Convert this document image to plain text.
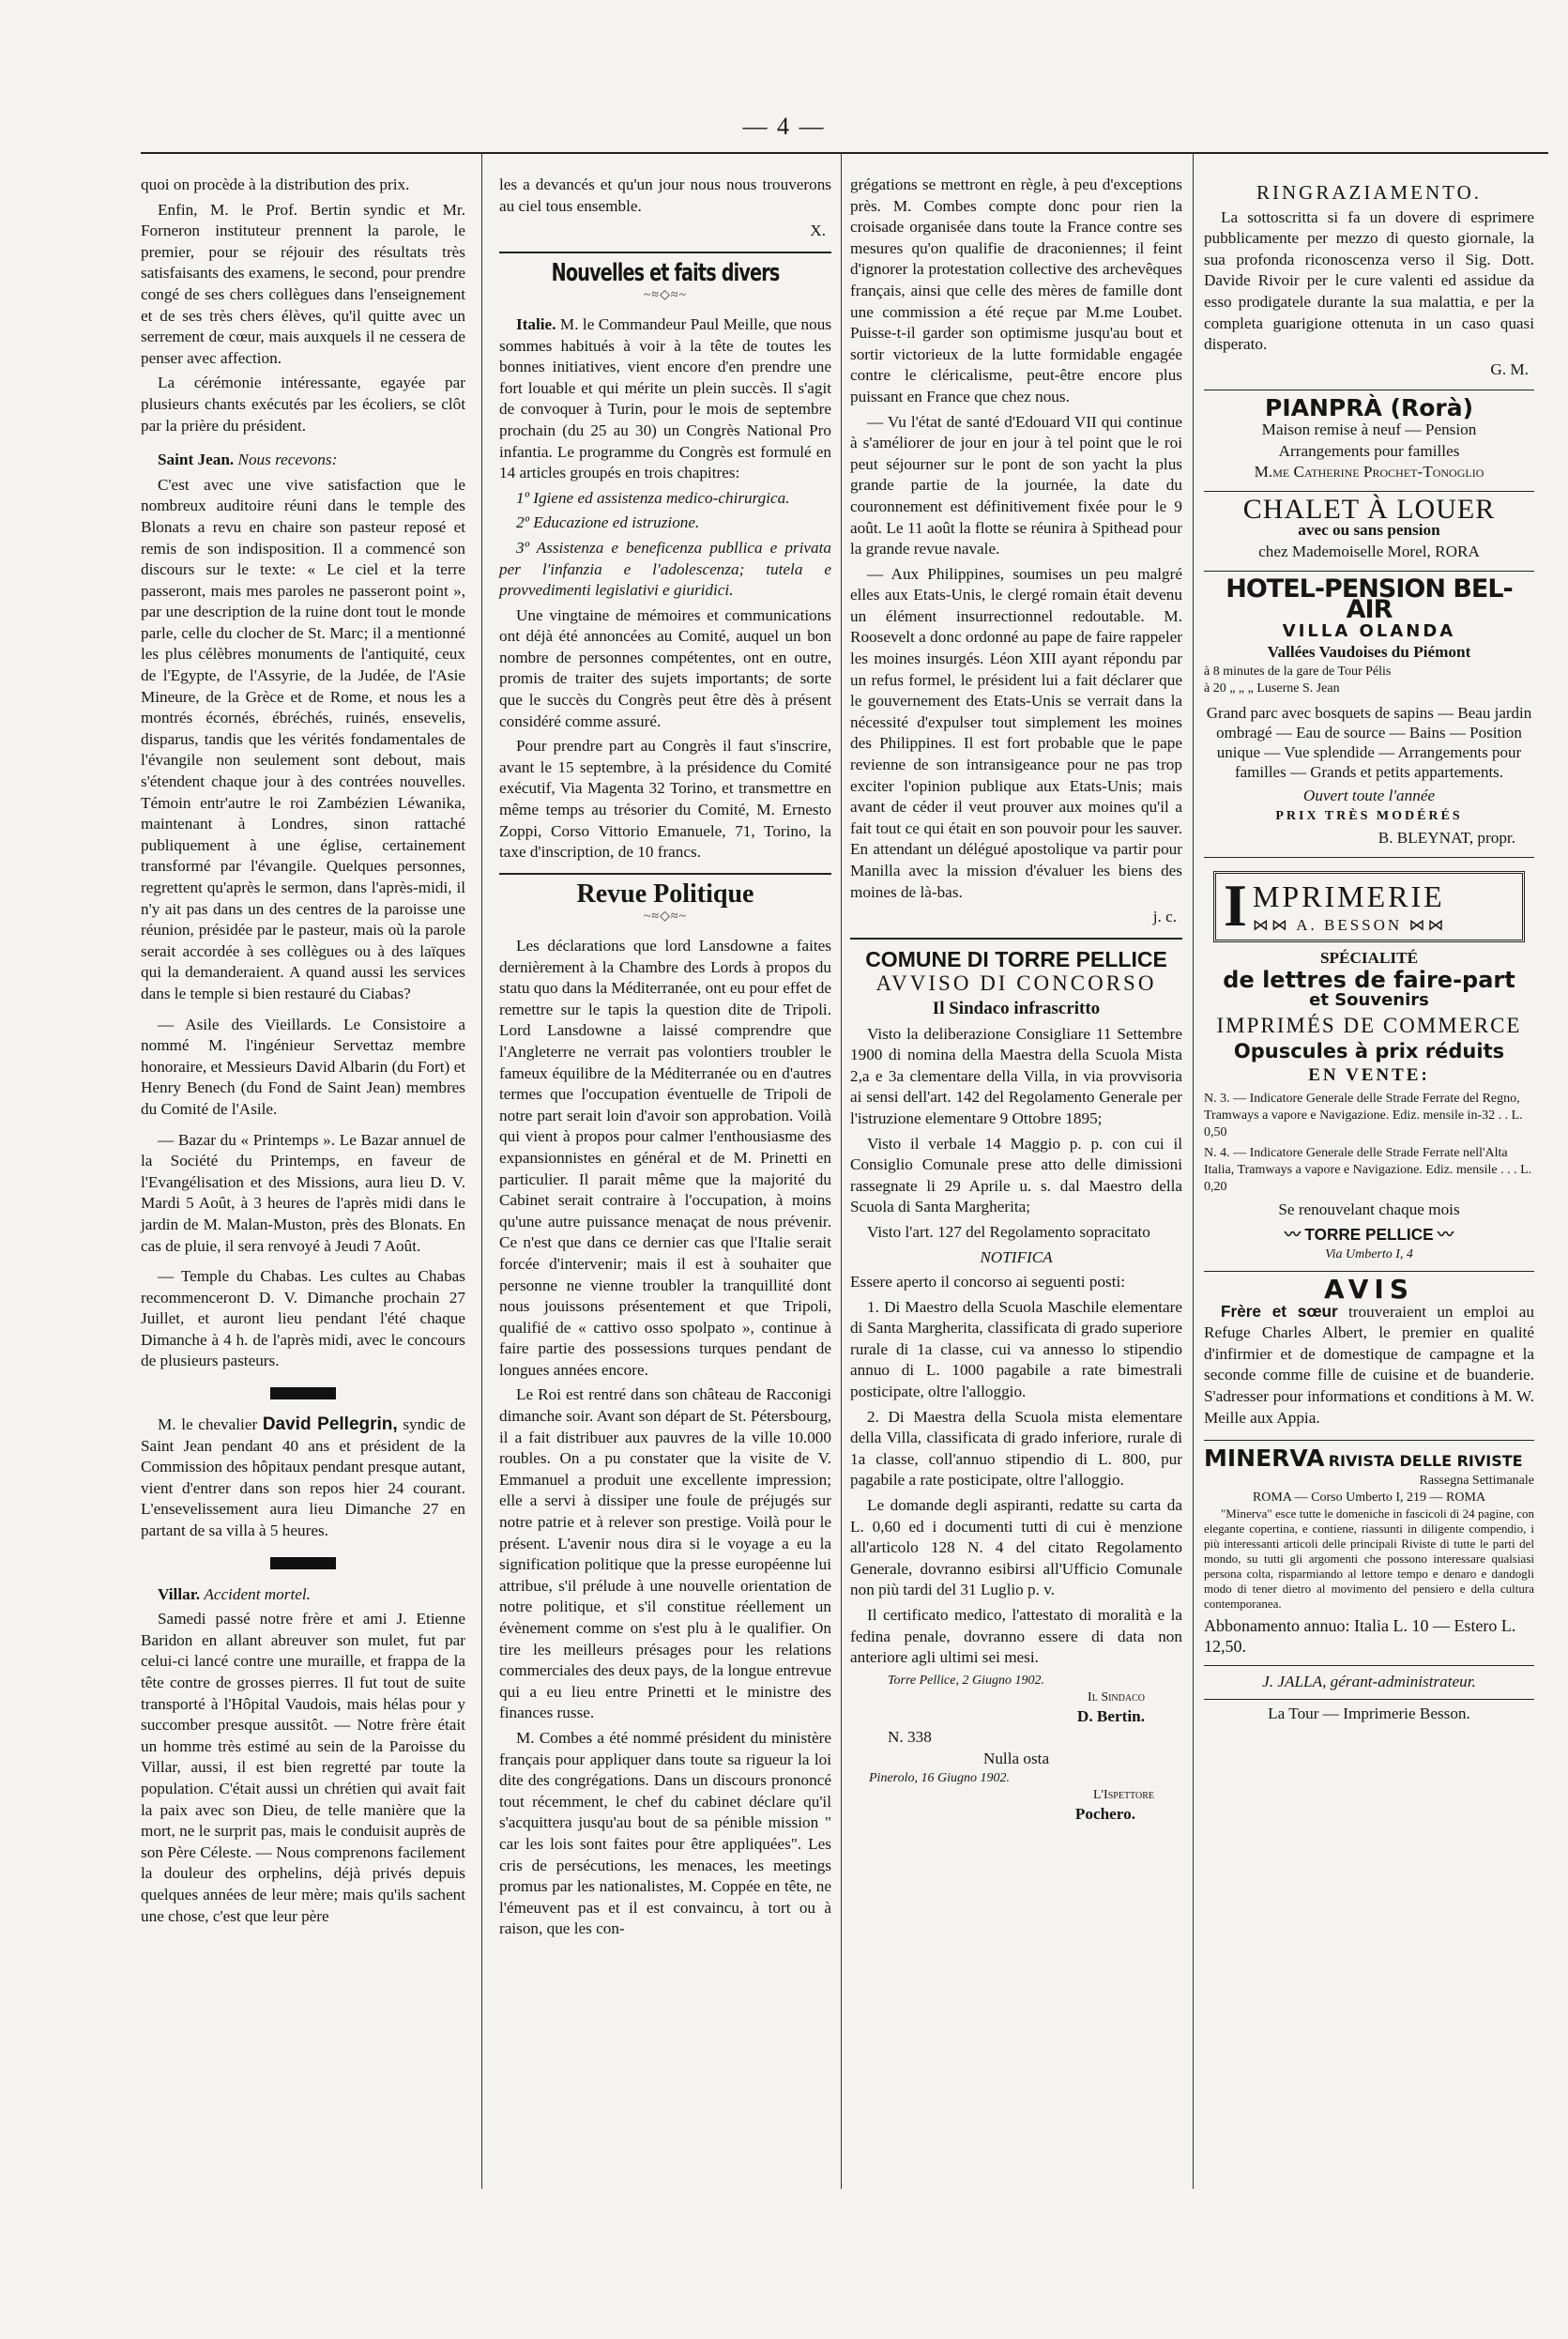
— 4 —

quoi on procède à la distribution des prix.

Enfin, M. le Prof. Bertin syndic et Mr. Forneron instituteur prennent la parole, le premier, pour se réjouir des résultats très satisfaisants des examens, le second, pour prendre congé de ses chers collègues dans l'enseignement et de ses très chers élèves, qu'il quitte avec un serrement de cœur, mais auxquels il ne cessera de penser avec affection.

La cérémonie intéressante, egayée par plusieurs chants exécutés par les écoliers, se clôt par la prière du président.

Saint Jean. Nous recevons:

C'est avec une vive satisfaction que le nombreux auditoire réuni dans le temple des Blonats a revu en chaire son pasteur reposé et remis de son indisposition. Il a commencé son discours sur le texte: « Le ciel et la terre passeront, mais mes paroles ne passeront point », par une description de la ruine dont tout le monde parle, celle du clocher de St. Marc; il a mentionné les plus célèbres monuments de l'antiquité, ceux de l'Egypte, de l'Assyrie, de la Judée, de l'Asie Mineure, de la Grèce et de Rome, et nous les a montrés écornés, ébréchés, ruinés, ensevelis, disparus, tandis que les vérités fondamentales de l'évangile non seulement sont debout, mais s'étendent chaque jour à des contrées nouvelles. Témoin entr'autre le roi Zambézien Léwanika, maintenant à Londres, sinon rattaché publiquement à une église, certainement transformé par l'évangile. Quelques personnes, regrettent qu'après le sermon, dans l'après-midi, il n'y ait pas dans un des centres de la paroisse une réunion, présidée par le pasteur, mais où la parole serait accordée à ses collègues ou à des laïques qui la demanderaient. A quand aussi les services dans le temple si bien restauré du Ciabas?

— Asile des Vieillards. Le Consistoire a nommé M. l'ingénieur Servettaz membre honoraire, et Messieurs David Albarin (du Fort) et Henry Benech (du Fond de Saint Jean) membres du Comité de l'Asile.

— Bazar du « Printemps ». Le Bazar annuel de la Société du Printemps, en faveur de l'Evangélisation et des Missions, aura lieu D. V. Mardi 5 Août, à 3 heures de l'après midi dans le jardin de M. Malan-Muston, près des Blonats. En cas de pluie, il sera renvoyé à Jeudi 7 Août.

— Temple du Chabas. Les cultes au Chabas recommenceront D. V. Dimanche prochain 27 Juillet, et auront lieu pendant l'été chaque Dimanche à 4 h. de l'après midi, avec le concours de plusieurs pasteurs.

M. le chevalier David Pellegrin, syndic de Saint Jean pendant 40 ans et président de la Commission des hôpitaux pendant presque autant, vient d'entrer dans son repos hier 24 courant. L'ensevelissement aura lieu Dimanche 27 en partant de sa villa à 5 heures.

Villar. Accident mortel.

Samedi passé notre frère et ami J. Etienne Baridon en allant abreuver son mulet, fut par celui-ci lancé contre une muraille, et frappa de la tête contre de grosses pierres. Il fut tout de suite transporté à l'Hôpital Vaudois, mais hélas pour y succomber presque aussitôt. — Notre frère était un homme très estimé au sein de la Paroisse du Villar, aussi, il est bien regretté par toute la population. C'était aussi un chrétien qui avait fait la paix avec son Dieu, de telle manière que la mort, ne le surprit pas, mais le conduisit auprès de son Père Céleste. — Nous comprenons facilement la douleur des orphelins, déjà privés depuis quelques années de leur mère; mais qu'ils sachent une chose, c'est que leur père

les a devancés et qu'un jour nous nous trouverons au ciel tous ensemble.

X.
Nouvelles et faits divers
~≈◇≈~

Italie. M. le Commandeur Paul Meille, que nous sommes habitués à voir à la tête de toutes les bonnes initiatives, vient encore d'en prendre une fort louable et qui mérite un plein succès. Il s'agit de convoquer à Turin, pour le mois de septembre prochain (du 25 au 30) un Congrès National Pro infantia. Le programme du Congrès est formulé en 14 articles groupés en trois chapitres:

1º Igiene ed assistenza medico-chirurgica.

2º Educazione ed istruzione.

3º Assistenza e beneficenza publlica e privata per l'infanzia e l'adolescenza; tutela e provvedimenti legislativi e giuridici.

Une vingtaine de mémoires et communications ont déjà été annoncées au Comité, auquel un bon nombre de personnes compétentes, ont en outre, promis de traiter des sujets importants; de sorte que le succès du Congrès peut être dès à présent considéré comme assuré.

Pour prendre part au Congrès il faut s'inscrire, avant le 15 septembre, à la présidence du Comité exécutif, Via Magenta 32 Torino, et transmettre en même temps au trésorier du Comité, M. Ernesto Zoppi, Corso Vittorio Emanuele, 71, Torino, la taxe d'inscription, de 10 francs.

Revue Politique
~≈◇≈~

Les déclarations que lord Lansdowne a faites dernièrement à la Chambre des Lords à propos du statu quo dans la Méditerranée, ont eu pour effet de remettre sur le tapis la question dite de Tripoli. Lord Lansdowne a laissé comprendre que l'Angleterre ne verrait pas volontiers troubler le fameux équilibre de la Méditerranée ou en d'autres termes que l'occupation éventuelle de Tripoli de notre part serait loin d'avoir son approbation. Voilà qui vient à propos pour calmer l'enthousiasme des expansionnistes en général et de M. Prinetti en particulier. Il parait même que la majorité du Cabinet serait contraire à l'occupation, à moins qu'une autre puissance menaçat de nous prévenir. Ce n'est que dans ce dernier cas que l'Italie serait forcée d'intervenir; mais il est à souhaiter que personne ne vienne troubler la tranquillité dont nous jouissons présentement et que Tripoli, qualifié de « cattivo osso spolpato », continue à faire partie des possessions turques pendant de longues années encore.

Le Roi est rentré dans son château de Racconigi dimanche soir. Avant son départ de St. Pétersbourg, il a fait distribuer aux pauvres de la ville 10.000 roubles. On a pu constater que la visite de V. Emmanuel a produit une excellente impression; elle a servi à dissiper une foule de préjugés sur notre patrie et à relever son prestige. Voilà pour le présent. L'avenir nous dira si le voyage a eu la signification politique que la presse européenne lui attribue, s'il prélude à une nouvelle orientation de notre politique, et s'il constitue réellement un évènement comme on s'est plu à le qualifier. On tire les meilleurs présages pour les relations commerciales des deux pays, de la longue entrevue qui a eu lieu entre Prinetti et le ministre des finances russe.

M. Combes a été nommé président du ministère français pour appliquer dans toute sa rigueur la loi dite des congrégations. Dans un discours prononcé tout récemment, le chef du cabinet déclare qu'il s'acquittera jusqu'au bout de sa pénible mission " car les lois sont faites pour être appliquées". Les cris de persécutions, les menaces, les meetings promus par les nationalistes, M. Coppée en tête, ne l'émeuvent pas et il est convaincu, à tort ou à raison, que les con-

grégations se mettront en règle, à peu d'exceptions près. M. Combes compte donc pour rien la croisade organisée dans toute la France contre ses mesures qu'on qualifie de draconiennes; il feint d'ignorer la protestation collective des archevêques français, ainsi que celle des mères de famille dont une commission a été reçue par M.me Loubet. Puisse-t-il garder son optimisme jusqu'au bout et sortir victorieux de la lutte formidable engagée contre le cléricalisme, peut-être encore plus puissant en France que chez nous.

— Vu l'état de santé d'Edouard VII qui continue à s'améliorer de jour en jour à tel point que le roi peut séjourner sur le pont de son yacht la plus grande partie de la journée, la date du couronnement est définitivement fixée pour le 9 août. Le 11 août la flotte se réunira à Spithead pour la grande revue navale.

— Aux Philippines, soumises un peu malgré elles aux Etats-Unis, le clergé romain était devenu un élément insurrectionnel redoutable. M. Roosevelt a donc ordonné au pape de faire rappeler les moines insurgés. Léon XIII ayant répondu par un refus formel, le président lui a fait déclarer que le gouvernement des Etats-Unis se verrait dans la nécessité d'expulser tout simplement les moines des Philippines. Il est fort probable que le pape revienne de son intransigeance pour ne pas trop exciter l'opinion publique aux Etats-Unis; mais avant de céder il veut prouver aux moines qu'il a fait tout ce qui était en son pouvoir pour les sauver. En attendant un délégué apostolique va partir pour Manilla avec la mission d'évaluer les biens des moines de là-bas.

j. c.
COMUNE DI TORRE PELLICE
AVVISO DI CONCORSO
Il Sindaco infrascritto

Visto la deliberazione Consigliare 11 Settembre 1900 di nomina della Maestra della Scuola Mista 2,a e 3a clementare della Villa, in via provvisoria ai sensi dell'art. 142 del Regolamento Generale per l'istruzione elementare 9 Ottobre 1895;

Visto il verbale 14 Maggio p. p. con cui il Consiglio Comunale prese atto delle dimissioni rassegnate li 29 Aprile u. s. dal Maestro della Scuola di Santa Margherita;

Visto l'art. 127 del Regolamento sopracitato

NOTIFICA

Essere aperto il concorso ai seguenti posti:

1. Di Maestro della Scuola Maschile elementare di Santa Margherita, classificata di grado superiore rurale di 1a classe, cui va annesso lo stipendio annuo di L. 1000 pagabile a rate bimestrali posticipate, oltre l'alloggio.

2. Di Maestra della Scuola mista elementare della Villa, classificata di grado inferiore, rurale di 1a classe, coll'annuo stipendio di L. 800, pur pagabile a rate posticipate, oltre l'alloggio.

Le domande degli aspiranti, redatte su carta da L. 0,60 ed i documenti tutti di cui è menzione all'articolo 128 N. 4 del citato Regolamento Generale, dovranno esibirsi all'Ufficio Comunale non più tardi del 31 Luglio p. v.

Il certificato medico, l'attestato di moralità e la fedina penale, dovranno essere di data non anteriore agli ultimi sei mesi.

Torre Pellice, 2 Giugno 1902.
Il Sindaco
D. Bertin.
N. 338
Nulla osta
Pinerolo, 16 Giugno 1902.
L'Ispettore
Pochero.
RINGRAZIAMENTO.

La sottoscritta si fa un dovere di esprimere pubblicamente per mezzo di questo giornale, la sua profonda riconoscenza verso il Sig. Dott. Davide Rivoir per le cure valenti ed assidue da esso prodigatele durante la sua malattia, e per la completa guarigione ottenuta in un caso quasi disperato.

G. M.
PIANPRÀ (Rorà)
Maison remise à neuf — Pension
Arrangements pour familles
M.me Catherine Prochet-Tonoglio
CHALET À LOUER
avec ou sans pension
chez Mademoiselle Morel, RORA
HOTEL-PENSION BEL-AIR
VILLA OLANDA
Vallées Vaudoises du Piémont
à 8 minutes de la gare de Tour Pélis
à 20 „ „ „ Luserne S. Jean

Grand parc avec bosquets de sapins — Beau jardin ombragé — Eau de source — Bains — Position unique — Vue splendide — Arrangements pour familles — Grands et petits appartements.

Ouvert toute l'année
PRIX TRÈS MODÉRÉS
B. BLEYNAT, propr.
I MPRIMERIE
⋈⋈ A. BESSON ⋈⋈
SPÉCIALITÉ
de lettres de faire-part
et Souvenirs
IMPRIMÉS DE COMMERCE
Opuscules à prix réduits
EN VENTE:

N. 3. — Indicatore Generale delle Strade Ferrate del Regno, Tramways a vapore e Navigazione. Ediz. mensile in-32 . . L. 0,50

N. 4. — Indicatore Generale delle Strade Ferrate nell'Alta Italia, Tramways a vapore e Navigazione. Ediz. mensile . . . L. 0,20

Se renouvelant chaque mois
〰 TORRE PELLICE 〰
Via Umberto I, 4
AVIS

Frère et sœur trouveraient un emploi au Refuge Charles Albert, le premier en qualité d'infirmier et de domestique de campagne et la seconde comme fille de cuisine et de buanderie. S'adresser pour informations et conditions à M. W. Meille aux Appia.

MINERVA RIVISTA DELLE RIVISTE
Rassegna Settimanale
ROMA — Corso Umberto I, 219 — ROMA

"Minerva" esce tutte le domeniche in fascicoli di 24 pagine, con elegante copertina, e contiene, riassunti in diligente compendio, i più interessanti articoli delle principali Riviste di tutte le parti del mondo, su tutti gli argomenti che possono interessare qualsiasi persona colta, risparmiando al lettore tempo e denaro e dandogli modo di tener dietro al movimento del pensiero e della cultura contemporanea.

Abbonamento annuo: Italia L. 10 — Estero L. 12,50.
J. JALLA, gérant-administrateur.
La Tour — Imprimerie Besson.
